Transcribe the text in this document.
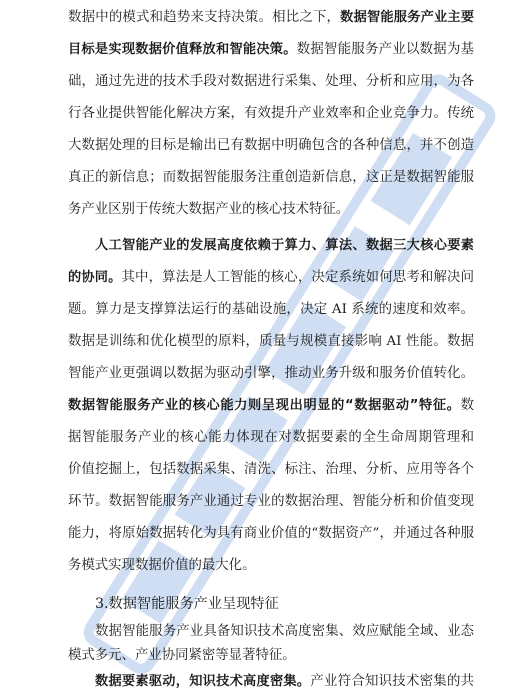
数据中的模式和趋势来支持决策。相比之下，数据智能服务产业主要
目标是实现数据价值释放和智能决策。数据智能服务产业以数据为基
础，通过先进的技术手段对数据进行采集、处理、分析和应用，为各
行各业提供智能化解决方案，有效提升产业效率和企业竞争力。传统
大数据处理的目标是输出已有数据中明确包含的各种信息，并不创造
真正的新信息；而数据智能服务注重创造新信息，这正是数据智能服
务产业区别于传统大数据产业的核心技术特征。
人工智能产业的发展高度依赖于算力、算法、数据三大核心要素
的协同。其中，算法是人工智能的核心，决定系统如何思考和解决问
题。算力是支撑算法运行的基础设施，决定 AI 系统的速度和效率。
数据是训练和优化模型的原料，质量与规模直接影响 AI 性能。数据
智能产业更强调以数据为驱动引擎，推动业务升级和服务价值转化。
数据智能服务产业的核心能力则呈现出明显的“数据驱动”特征。数
据智能服务产业的核心能力体现在对数据要素的全生命周期管理和
价值挖掘上，包括数据采集、清洗、标注、治理、分析、应用等各个
环节。数据智能服务产业通过专业的数据治理、智能分析和价值变现
能力，将原始数据转化为具有商业价值的“数据资产”，并通过各种服
务模式实现数据价值的最大化。
3.数据智能服务产业呈现特征
数据智能服务产业具备知识技术高度密集、效应赋能全域、业态
模式多元、产业协同紧密等显著特征。
数据要素驱动，知识技术高度密集。产业符合知识技术密集的共
